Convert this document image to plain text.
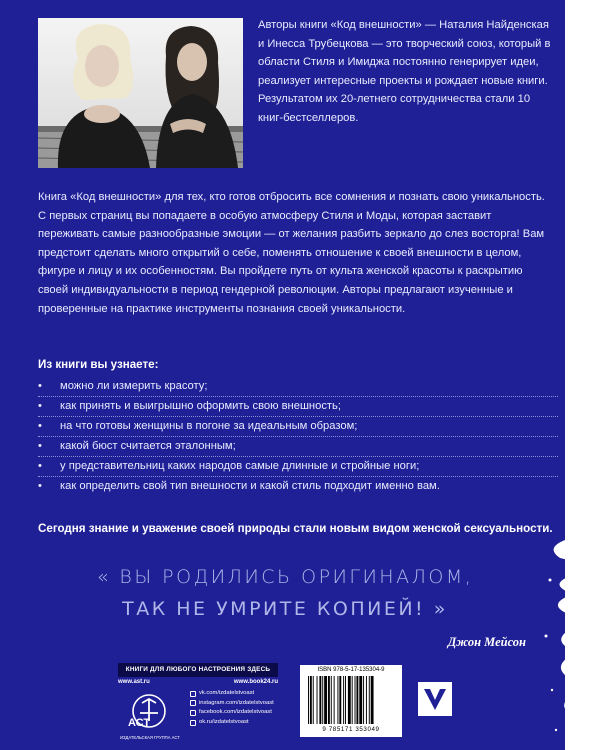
Авторы книги «Код внешности» — Наталия Найденская и Инесса Трубецкова — это творческий союз, который в области Стиля и Имиджа постоянно генерирует идеи, реализует интересные проекты и рождает новые книги. Результатом их 20-летнего сотрудничества стали 10 книг-бестселлеров.

Книга «Код внешности» для тех, кто готов отбросить все сомнения и познать свою уникальность. С первых страниц вы попадаете в особую атмосферу Стиля и Моды, которая заставит переживать самые разнообразные эмоции — от желания разбить зеркало до слез восторга! Вам предстоит сделать много открытий о себе, поменять отношение к своей внешности в целом, фигуре и лицу и их особенностям. Вы пройдете путь от культа женской красоты к раскрытию своей индивидуальности в период гендерной революции. Авторы предлагают изученные и проверенные на практике инструменты познания своей уникальности.

Из книги вы узнаете:

•	можно ли измерить красоту;
•	как принять и выигрышно оформить свою внешность;
•	на что готовы женщины в погоне за идеальным образом;
•	какой бюст считается эталонным;
•	у представительниц каких народов самые длинные и стройные ноги;
•	как определить свой тип внешности и какой стиль подходит именно вам.

Сегодня знание и уважение своей природы стали новым видом женской сексуальности.

« ВЫ РОДИЛИСЬ ОРИГИНАЛОМ,

ТАК НЕ УМРИТЕ КОПИЕЙ! »

Джон Мейсон

КНИГИ ДЛЯ ЛЮБОГО НАСТРОЕНИЯ ЗДЕСЬ
www.ast.ru	www.book24.ru
АСТ
ИЗДАТЕЛЬСКАЯ ГРУППА АСТ
vk.com/izdatelstvoast
instagram.com/izdatelstvoast
facebook.com/izdatelstvoast
ok.ru/izdatelstvoast
ISBN 978-5-17-135304-9
9 785171 353049
